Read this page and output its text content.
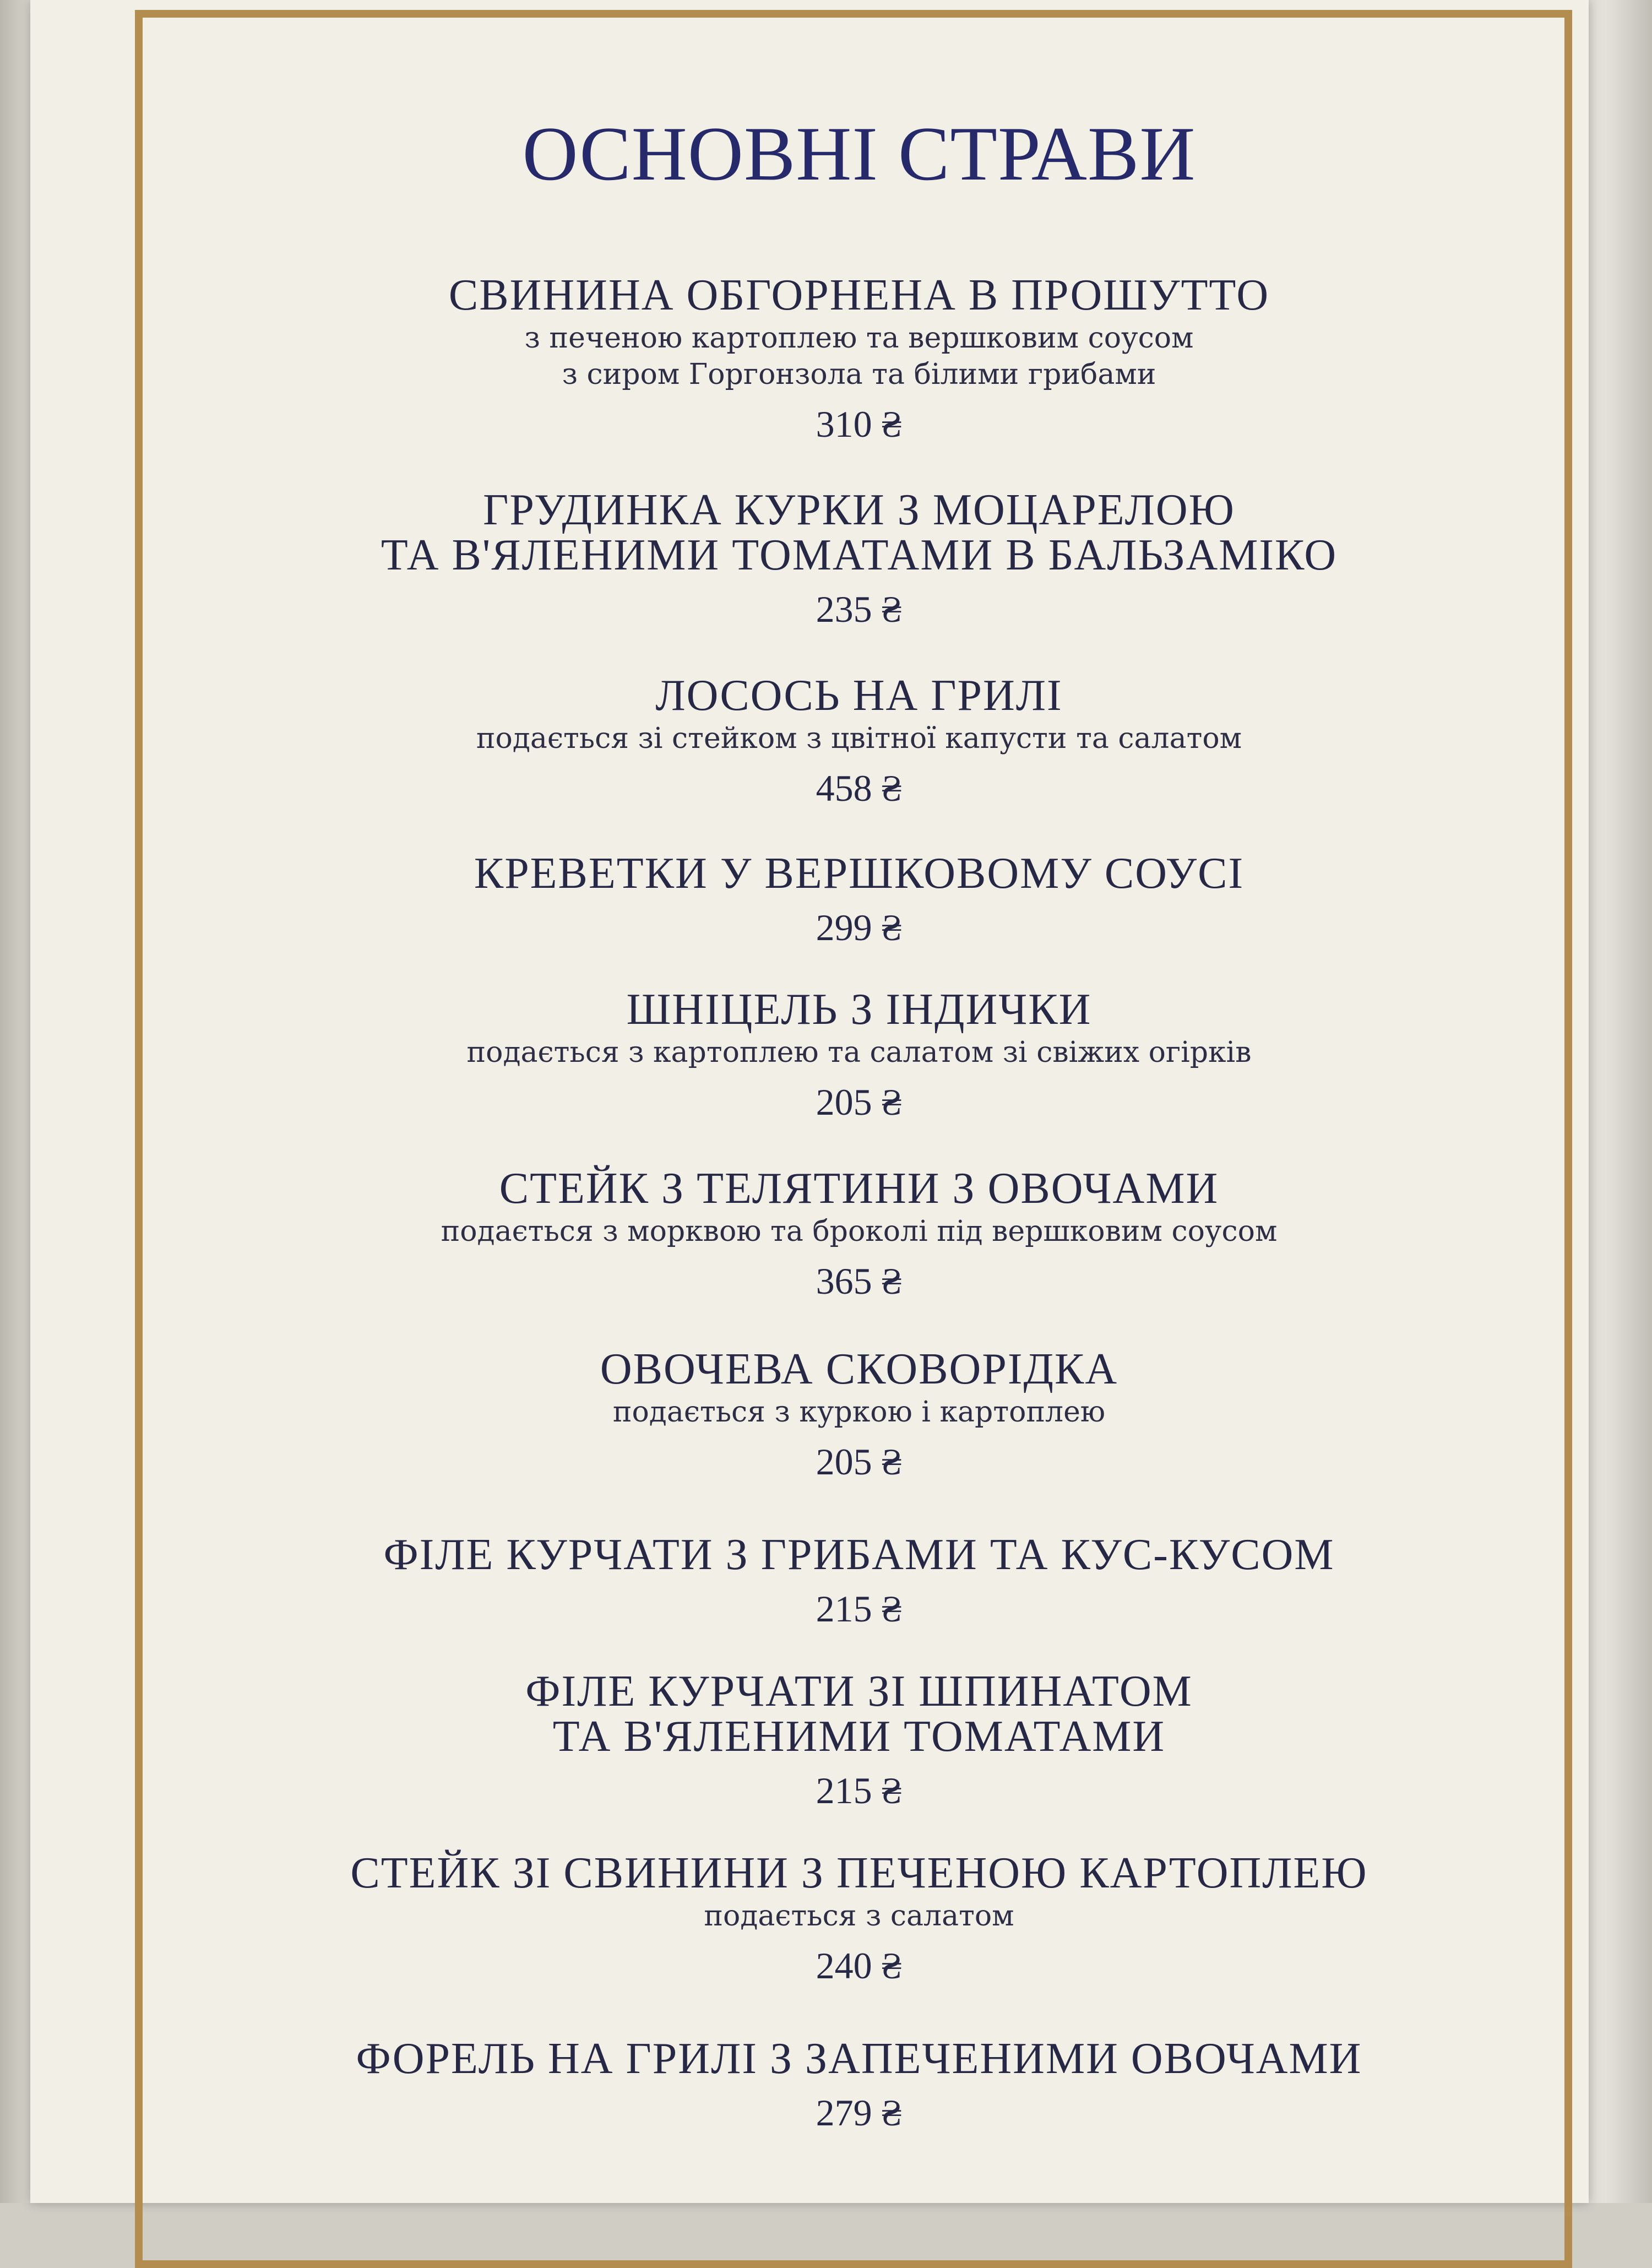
ОСНОВНІ СТРАВИ
СВИНИНА ОБГОРНЕНА В ПРОШУТТО
з печеною картоплею та вершковим соусом
з сиром Горгонзола та білими грибами
310 ₴
ГРУДИНКА КУРКИ З МОЦАРЕЛОЮ
ТА В'ЯЛЕНИМИ ТОМАТАМИ В БАЛЬЗАМІКО
235 ₴
ЛОСОСЬ НА ГРИЛІ
подається зі стейком з цвітної капусти та салатом
458 ₴
КРЕВЕТКИ У ВЕРШКОВОМУ СОУСІ
299 ₴
ШНІЦЕЛЬ З ІНДИЧКИ
подається з картоплею та салатом зі свіжих огірків
205 ₴
СТЕЙК З ТЕЛЯТИНИ З ОВОЧАМИ
подається з морквою та броколі під вершковим соусом
365 ₴
ОВОЧЕВА СКОВОРІДКА
подається з куркою і картоплею
205 ₴
ФІЛЕ КУРЧАТИ З ГРИБАМИ ТА КУС-КУСОМ
215 ₴
ФІЛЕ КУРЧАТИ ЗІ ШПИНАТОМ
ТА В'ЯЛЕНИМИ ТОМАТАМИ
215 ₴
СТЕЙК ЗІ СВИНИНИ З ПЕЧЕНОЮ КАРТОПЛЕЮ
подається з салатом
240 ₴
ФОРЕЛЬ НА ГРИЛІ З ЗАПЕЧЕНИМИ ОВОЧАМИ
279 ₴
